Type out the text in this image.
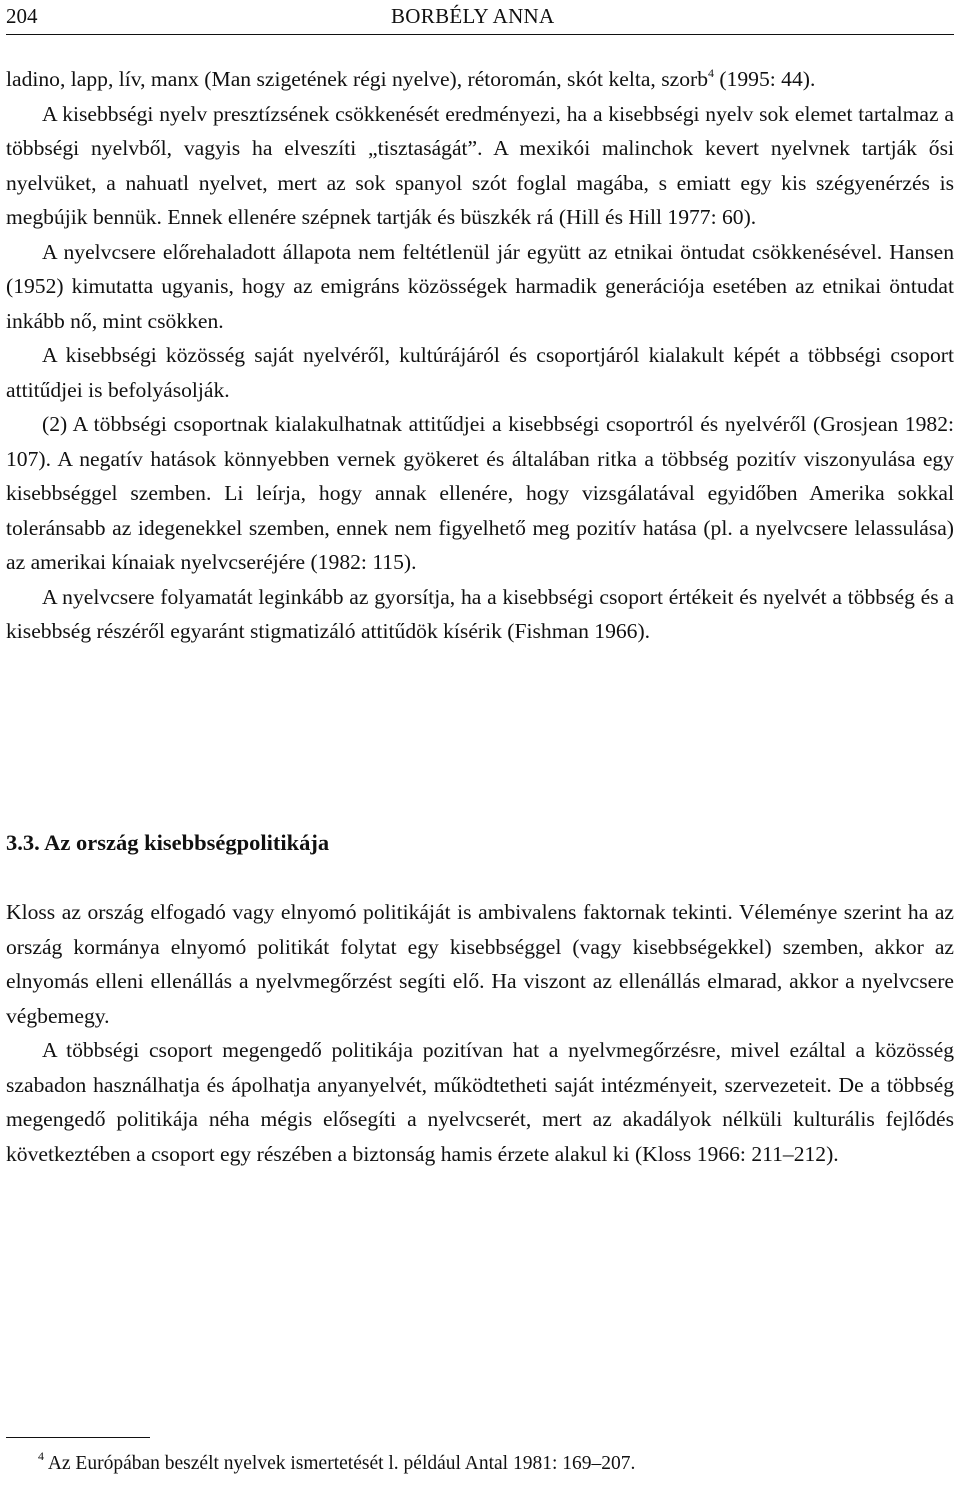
204	BORBÉLY ANNA

ladino, lapp, lív, manx (Man szigetének régi nyelve), rétoromán, skót kelta, szorb$^4$ (1995: 44).

A kisebbségi nyelv presztízsének csökkenését eredményezi, ha a kisebbségi nyelv sok elemet tartalmaz a többségi nyelvből, vagyis ha elveszíti „tisztaságát”. A mexikói malinchok kevert nyelvnek tartják ősi nyelvüket, a nahuatl nyelvet, mert az sok spanyol szót foglal magába, s emiatt egy kis szégyenérzés is megbújik bennük. Ennek ellenére szépnek tartják és büszkék rá (Hill és Hill 1977: 60).

A nyelvcsere előrehaladott állapota nem feltétlenül jár együtt az etnikai öntudat csökkenésével. Hansen (1952) kimutatta ugyanis, hogy az emigráns közösségek harmadik generációja esetében az etnikai öntudat inkább nő, mint csökken.

A kisebbségi közösség saját nyelvéről, kultúrájáról és csoportjáról kialakult képét a többségi csoport attitűdjei is befolyásolják.

(2) A többségi csoportnak kialakulhatnak attitűdjei a kisebbségi csoportról és nyelvéről (Grosjean 1982: 107). A negatív hatások könnyebben vernek gyökeret és általában ritka a többség pozitív viszonyulása egy kisebbséggel szemben. Li leírja, hogy annak ellenére, hogy vizsgálatával egyidőben Amerika sokkal toleránsabb az idegenekkel szemben, ennek nem figyelhető meg pozitív hatása (pl. a nyelvcsere lelassulása) az amerikai kínaiak nyelvcseréjére (1982: 115).

A nyelvcsere folyamatát leginkább az gyorsítja, ha a kisebbségi csoport értékeit és nyelvét a többség és a kisebbség részéről egyaránt stigmatizáló attitűdök kísérik (Fishman 1966).

3.3. Az ország kisebbségpolitikája

Kloss az ország elfogadó vagy elnyomó politikáját is ambivalens faktornak tekinti. Véleménye szerint ha az ország kormánya elnyomó politikát folytat egy kisebbséggel (vagy kisebbségekkel) szemben, akkor az elnyomás elleni ellenállás a nyelvmegőrzést segíti elő. Ha viszont az ellenállás elmarad, akkor a nyelvcsere végbemegy.

A többségi csoport megengedő politikája pozitívan hat a nyelvmegőrzésre, mivel ezáltal a közösség szabadon használhatja és ápolhatja anyanyelvét, működtetheti saját intézményeit, szervezeteit. De a többség megengedő politikája néha mégis elősegíti a nyelvcserét, mert az akadályok nélküli kulturális fejlődés következtében a csoport egy részében a biztonság hamis érzete alakul ki (Kloss 1966: 211–212).

$^4$ Az Európában beszélt nyelvek ismertetését l. például Antal 1981: 169–207.
